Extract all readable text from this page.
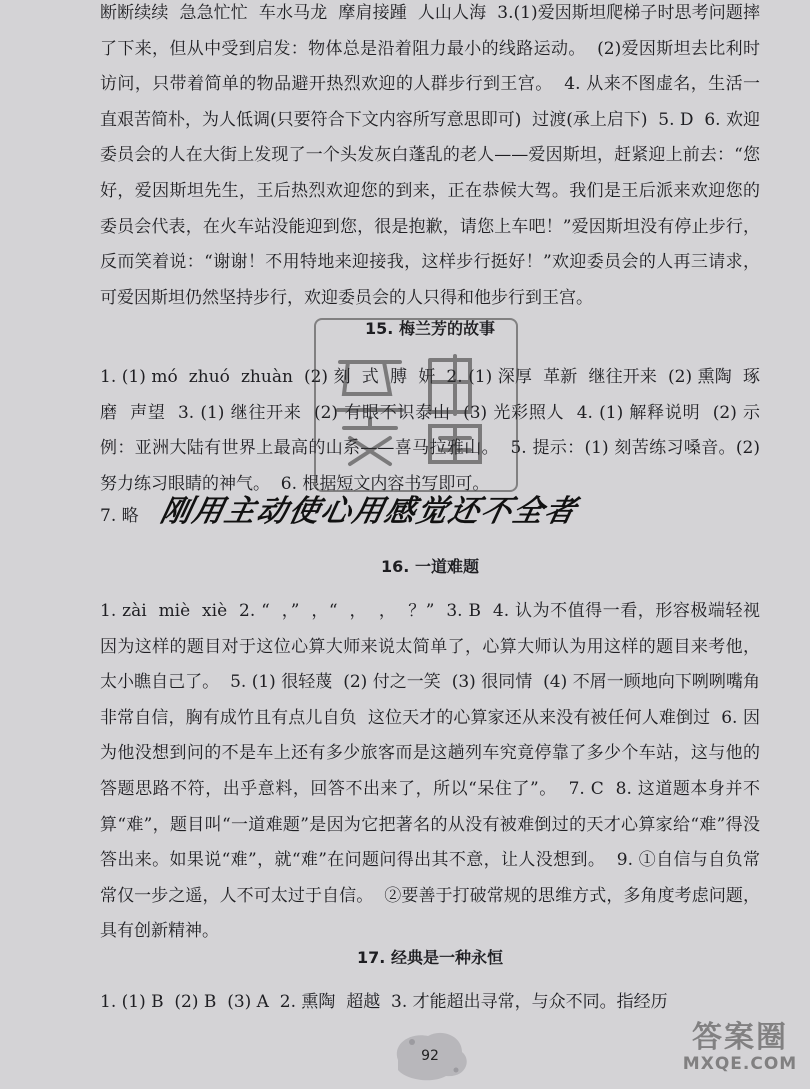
断断续续  急急忙忙  车水马龙  摩肩接踵  人山人海  3.(1)爱因斯坦爬梯子时思考问题摔了下来，但从中受到启发：物体总是沿着阻力最小的线路运动。  (2)爱因斯坦去比利时访问，只带着简单的物品避开热烈欢迎的人群步行到王宫。  4. 从来不图虚名，生活一直艰苦简朴，为人低调(只要符合下文内容所写意思即可)  过渡(承上启下)  5. D  6. 欢迎委员会的人在大街上发现了一个头发灰白蓬乱的老人——爱因斯坦，赶紧迎上前去：“您好，爱因斯坦先生，王后热烈欢迎您的到来，正在恭候大驾。我们是王后派来欢迎您的委员会代表，在火车站没能迎到您，很是抱歉，请您上车吧！”爱因斯坦没有停止步行，反而笑着说：“谢谢！不用特地来迎接我，这样步行挺好！”欢迎委员会的人再三请求，可爱因斯坦仍然坚持步行，欢迎委员会的人只得和他步行到王宫。
15. 梅兰芳的故事
1. (1) mó  zhuó  zhuàn  (2) 刻  式  膊  妍  2. (1) 深厚  革新  继往开来  (2) 熏陶  琢磨  声望  3. (1) 继往开来  (2) 有眼不识泰山  (3) 光彩照人  4. (1) 解释说明  (2) 示例：亚洲大陆有世界上最高的山系——喜马拉雅山。  5. 提示：(1) 刻苦练习嗓音。(2) 努力练习眼睛的神气。  6. 根据短文内容书写即可。
7. 略 刚用主动使心用感觉还不全者
16. 一道难题
1. zài  miè  xiè  2. “  ，”  ，“  ，  ，  ？”  3. B  4. 认为不值得一看，形容极端轻视  因为这样的题目对于这位心算大师来说太简单了，心算大师认为用这样的题目来考他，太小瞧自己了。  5. (1) 很轻蔑  (2) 付之一笑  (3) 很同情  (4) 不屑一顾地向下咧咧嘴角  非常自信，胸有成竹且有点儿自负  这位天才的心算家还从来没有被任何人难倒过  6. 因为他没想到问的不是车上还有多少旅客而是这趟列车究竟停靠了多少个车站，这与他的答题思路不符，出乎意料，回答不出来了，所以“呆住了”。  7. C  8. 这道题本身并不算“难”，题目叫“一道难题”是因为它把著名的从没有被难倒过的天才心算家给“难”得没答出来。如果说“难”，就“难”在问题问得出其不意，让人没想到。  9. ①自信与自负常常仅一步之遥，人不可太过于自信。  ②要善于打破常规的思维方式，多角度考虑问题，具有创新精神。
17. 经典是一种永恒
1. (1) B  (2) B  (3) A  2. 熏陶  超越  3. 才能超出寻常，与众不同。指经历
92
答案圈
MXQE.COM
